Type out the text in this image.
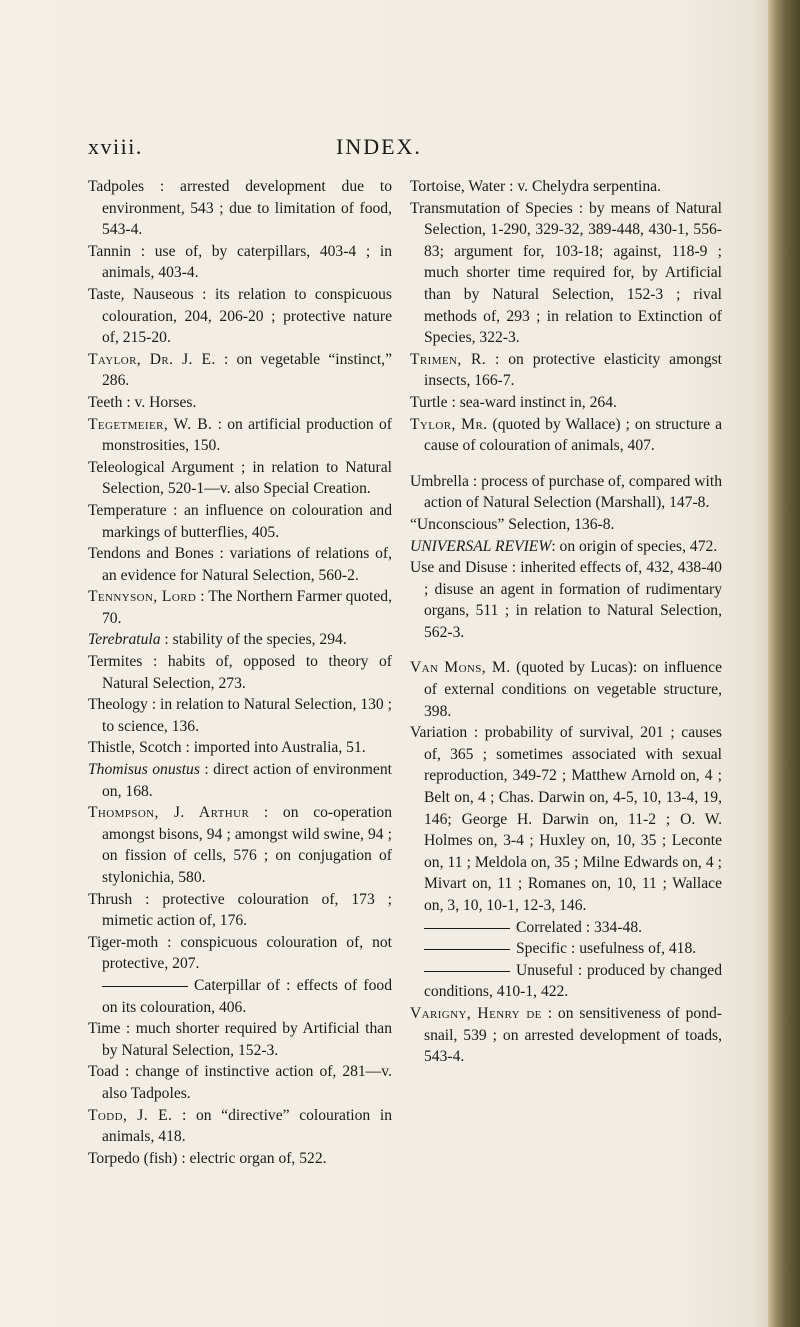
xviii.	INDEX.

Tadpoles : arrested development due to environment, 543 ; due to limitation of food, 543-4.

Tannin : use of, by caterpillars, 403-4 ; in animals, 403-4.

Taste, Nauseous : its relation to conspicuous colouration, 204, 206-20 ; protective nature of, 215-20.

Taylor, Dr. J. E. : on vegetable “instinct,” 286.

Teeth : v. Horses.

Tegetmeier, W. B. : on artificial production of monstrosities, 150.

Teleological Argument ; in relation to Natural Selection, 520-1—v. also Special Creation.

Temperature : an influence on colouration and markings of butterflies, 405.

Tendons and Bones : variations of relations of, an evidence for Natural Selection, 560-2.

Tennyson, Lord : The Northern Farmer quoted, 70.

Terebratula : stability of the species, 294.

Termites : habits of, opposed to theory of Natural Selection, 273.

Theology : in relation to Natural Selection, 130 ; to science, 136.

Thistle, Scotch : imported into Australia, 51.

Thomisus onustus : direct action of environment on, 168.

Thompson, J. Arthur : on co-operation amongst bisons, 94 ; amongst wild swine, 94 ; on fission of cells, 576 ; on conjugation of stylonichia, 580.

Thrush : protective colouration of, 173 ; mimetic action of, 176.

Tiger-moth : conspicuous colouration of, not protective, 207.

Caterpillar of : effects of food on its colouration, 406.

Time : much shorter required by Artificial than by Natural Selection, 152-3.

Toad : change of instinctive action of, 281—v. also Tadpoles.

Todd, J. E. : on “directive” colouration in animals, 418.

Torpedo (fish) : electric organ of, 522.

Tortoise, Water : v. Chelydra serpentina.

Transmutation of Species : by means of Natural Selection, 1-290, 329-32, 389-448, 430-1, 556-83; argument for, 103-18; against, 118-9 ; much shorter time required for, by Artificial than by Natural Selection, 152-3 ; rival methods of, 293 ; in relation to Extinction of Species, 322-3.

Trimen, R. : on protective elasticity amongst insects, 166-7.

Turtle : sea-ward instinct in, 264.

Tylor, Mr. (quoted by Wallace) ; on structure a cause of colouration of animals, 407.

Umbrella : process of purchase of, compared with action of Natural Selection (Marshall), 147-8.

“Unconscious” Selection, 136-8.

UNIVERSAL REVIEW: on origin of species, 472.

Use and Disuse : inherited effects of, 432, 438-40 ; disuse an agent in formation of rudimentary organs, 511 ; in relation to Natural Selection, 562-3.

Van Mons, M. (quoted by Lucas): on influence of external conditions on vegetable structure, 398.

Variation : probability of survival, 201 ; causes of, 365 ; sometimes associated with sexual reproduction, 349-72 ; Matthew Arnold on, 4 ; Belt on, 4 ; Chas. Darwin on, 4-5, 10, 13-4, 19, 146; George H. Darwin on, 11-2 ; O. W. Holmes on, 3-4 ; Huxley on, 10, 35 ; Leconte on, 11 ; Meldola on, 35 ; Milne Edwards on, 4 ; Mivart on, 11 ; Romanes on, 10, 11 ; Wallace on, 3, 10, 10-1, 12-3, 146.

Correlated : 334-48.

Specific : usefulness of, 418.

Unuseful : produced by changed conditions, 410-1, 422.

Varigny, Henry de : on sensitiveness of pond-snail, 539 ; on arrested development of toads, 543-4.
